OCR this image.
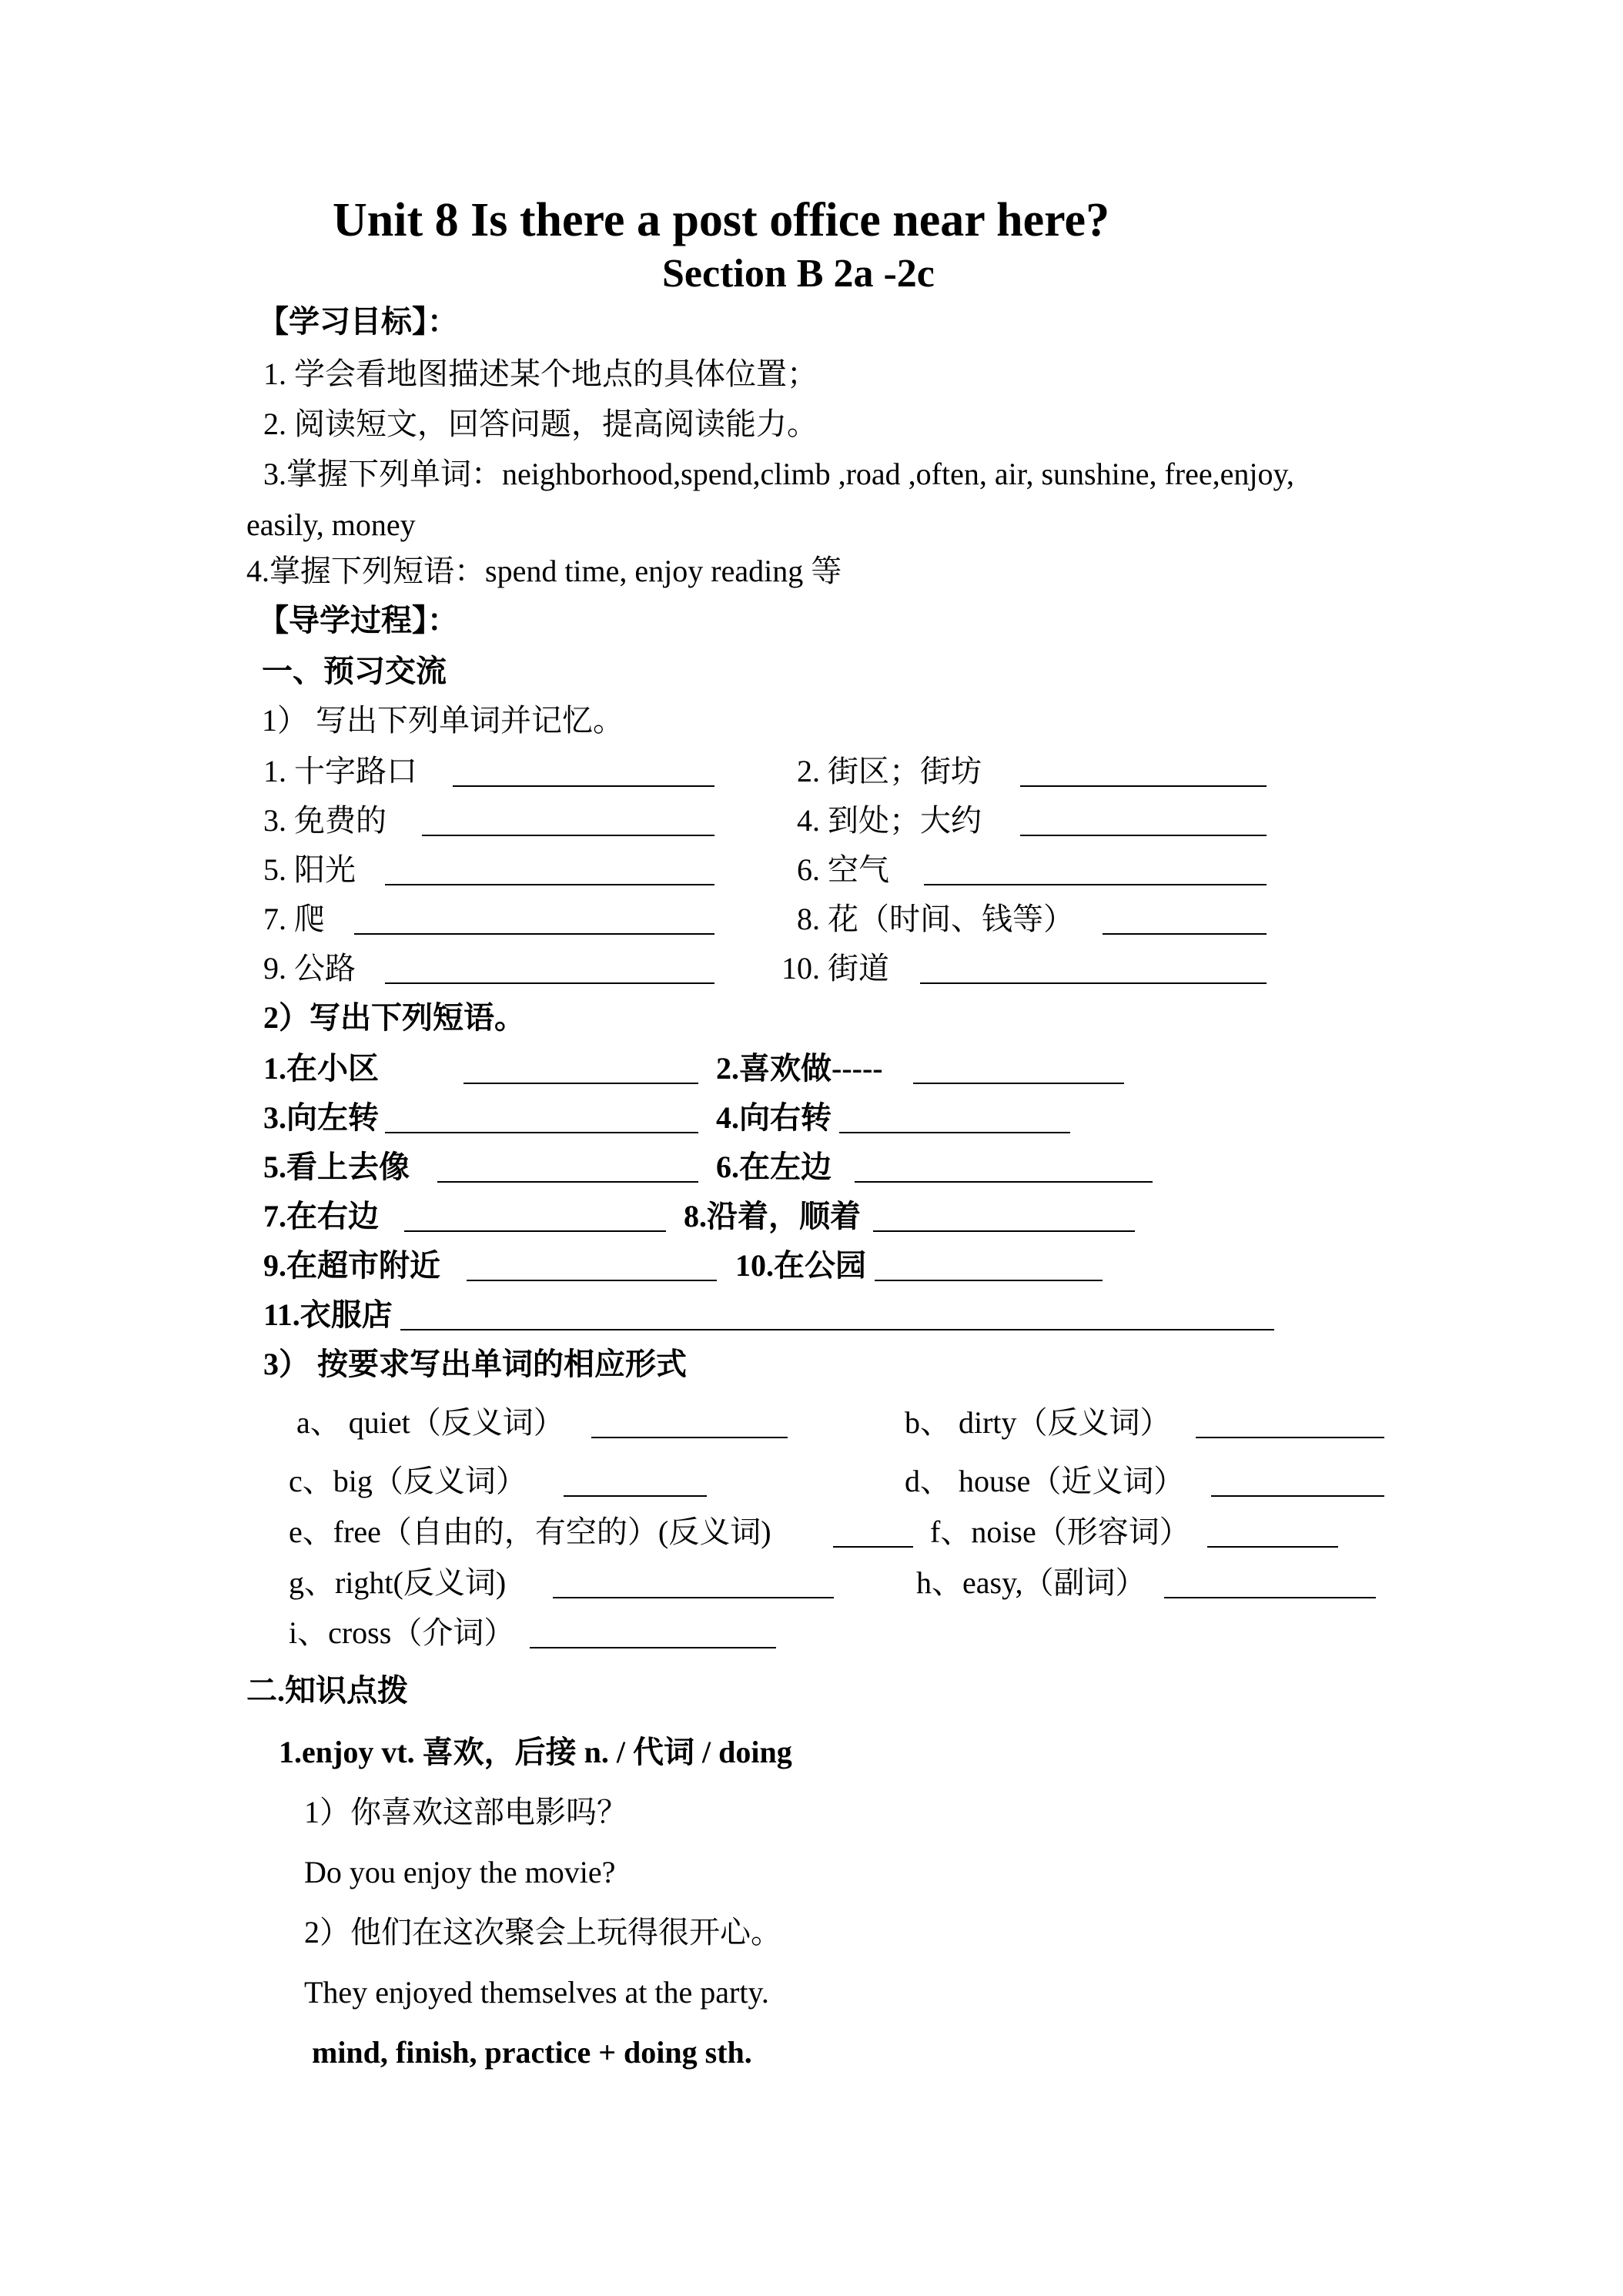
Unit 8 Is there a post office near here?
Section B 2a -2c
【学习目标】：
1. 学会看地图描述某个地点的具体位置；
2. 阅读短文，回答问题，提高阅读能力。
3.掌握下列单词：neighborhood,spend,climb ,road ,often, air, sunshine, free,enjoy,
easily, money
4.掌握下列短语：spend time, enjoy reading 等
【导学过程】：
一、预习交流
1） 写出下列单词并记忆。
1. 十字路口	2. 街区；街坊
3. 免费的	4. 到处；大约
5. 阳光	6. 空气
7. 爬	8. 花（时间、钱等）
9. 公路	10. 街道
2）写出下列短语。
1.在小区	2.喜欢做-----
3.向左转	4.向右转
5.看上去像	6.在左边
7.在右边	8.沿着，顺着
9.在超市附近	10.在公园
11.衣服店
3） 按要求写出单词的相应形式
a、 quiet（反义词）	b、 dirty（反义词）
c、big（反义词）	d、 house（近义词）
e、free（自由的，有空的）(反义词)	f、noise（形容词）
g、right(反义词)	h、easy,（副词）
i、cross（介词）
二.知识点拨
1.enjoy vt. 喜欢，后接 n. / 代词 / doing
1）你喜欢这部电影吗？
Do you enjoy the movie?
2）他们在这次聚会上玩得很开心。
They enjoyed themselves at the party.
mind, finish, practice + doing sth.
